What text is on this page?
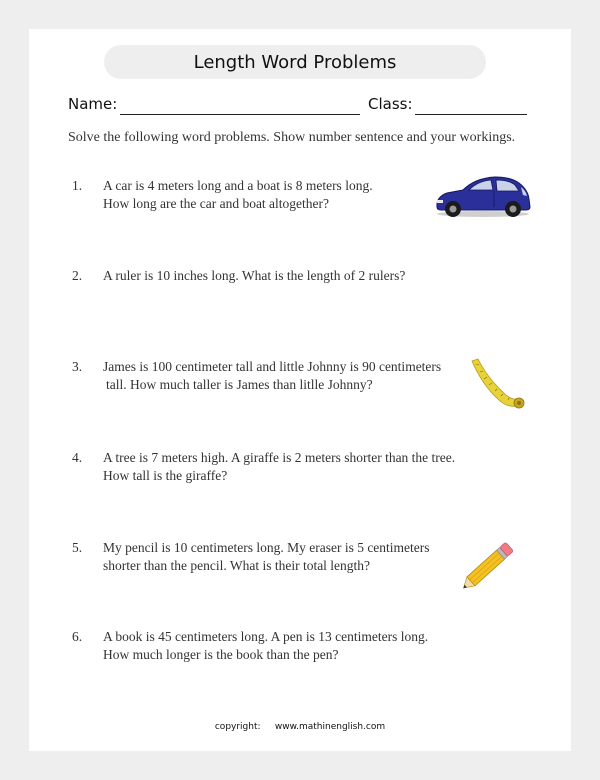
Length Word Problems
Name:	Class:
Solve the following word problems. Show number sentence and your workings.
1. A car is 4 meters long and a boat is 8 meters long.
How long are the car and boat altogether?
2. A ruler is 10 inches long. What is the length of 2 rulers?
3. James is 100 centimeter tall and little Johnny is 90 centimeters
tall. How much taller is James than litlle Johnny?
4. A tree is 7 meters high. A giraffe is 2 meters shorter than the tree.
How tall is the giraffe?
5. My pencil is 10 centimeters long. My eraser is 5 centimeters
shorter than the pencil. What is their total length?
6. A book is 45 centimeters long. A pen is 13 centimeters long.
How much longer is the book than the pen?
copyright: www.mathinenglish.com
